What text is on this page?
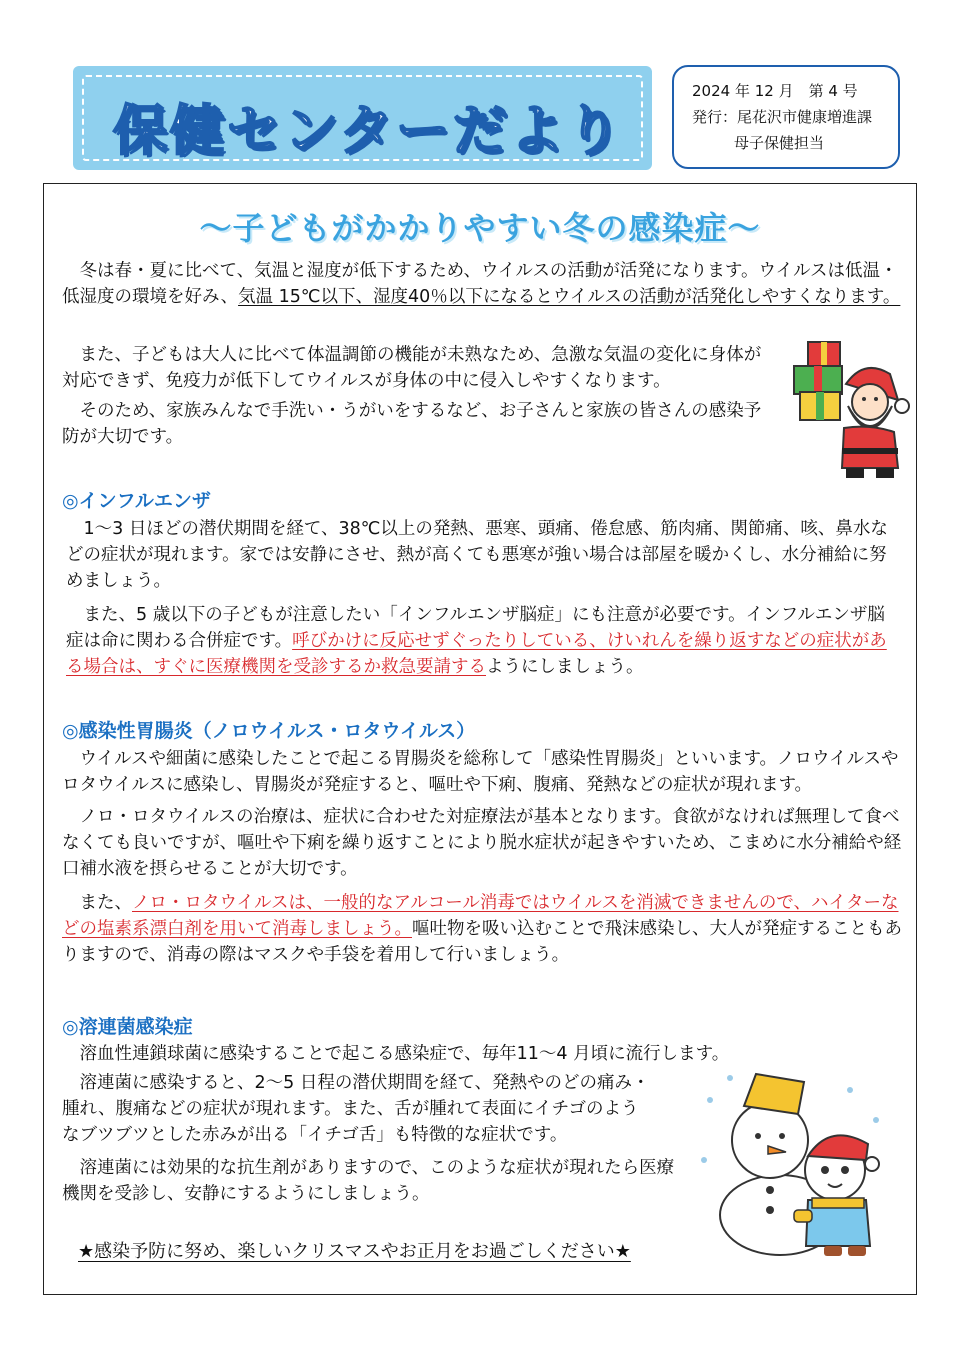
保健センターだより
2024 年 12 月　第 4 号
発行：尾花沢市健康増進課
母子保健担当
～子どもがかかりやすい冬の感染症～

　冬は春・夏に比べて、気温と湿度が低下するため、ウイルスの活動が活発になります。ウイルスは低温・低湿度の環境を好み、気温 15℃以下、湿度40％以下になるとウイルスの活動が活発化しやすくなります。

　また、子どもは大人に比べて体温調節の機能が未熟なため、急激な気温の変化に身体が対応できず、免疫力が低下してウイルスが身体の中に侵入しやすくなります。

　そのため、家族みんなで手洗い・うがいをするなど、お子さんと家族の皆さんの感染予防が大切です。

◎インフルエンザ

　1～3 日ほどの潜伏期間を経て、38℃以上の発熱、悪寒、頭痛、倦怠感、筋肉痛、関節痛、咳、鼻水などの症状が現れます。家では安静にさせ、熱が高くても悪寒が強い場合は部屋を暖かくし、水分補給に努めましょう。

　また、5 歳以下の子どもが注意したい「インフルエンザ脳症」にも注意が必要です。インフルエンザ脳症は命に関わる合併症です。呼びかけに反応せずぐったりしている、けいれんを繰り返すなどの症状がある場合は、すぐに医療機関を受診するか救急要請するようにしましょう。

◎感染性胃腸炎（ノロウイルス・ロタウイルス）

　ウイルスや細菌に感染したことで起こる胃腸炎を総称して「感染性胃腸炎」といいます。ノロウイルスやロタウイルスに感染し、胃腸炎が発症すると、嘔吐や下痢、腹痛、発熱などの症状が現れます。

　ノロ・ロタウイルスの治療は、症状に合わせた対症療法が基本となります。食欲がなければ無理して食べなくても良いですが、嘔吐や下痢を繰り返すことにより脱水症状が起きやすいため、こまめに水分補給や経口補水液を摂らせることが大切です。

　また、ノロ・ロタウイルスは、一般的なアルコール消毒ではウイルスを消滅できませんので、ハイターなどの塩素系漂白剤を用いて消毒しましょう。嘔吐物を吸い込むことで飛沫感染し、大人が発症することもありますので、消毒の際はマスクや手袋を着用して行いましょう。

◎溶連菌感染症

　溶血性連鎖球菌に感染することで起こる感染症で、毎年11～4 月頃に流行します。

　溶連菌に感染すると、2～5 日程の潜伏期間を経て、発熱やのどの痛み・腫れ、腹痛などの症状が現れます。また、舌が腫れて表面にイチゴのようなブツブツとした赤みが出る「イチゴ舌」も特徴的な症状です。

　溶連菌には効果的な抗生剤がありますので、このような症状が現れたら医療機関を受診し、安静にするようにしましょう。

★感染予防に努め、楽しいクリスマスやお正月をお過ごしください★
